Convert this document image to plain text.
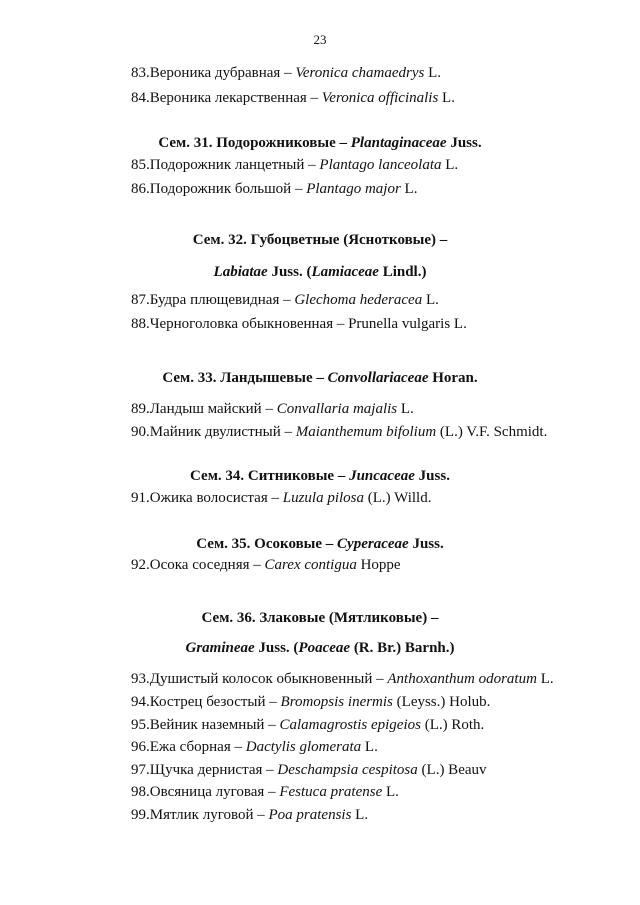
23
83.Вероника дубравная – Veronica chamaedrys L.
84.Вероника лекарственная – Veronica officinalis L.
Сем. 31. Подорожниковые – Plantaginaceae Juss.
85.Подорожник ланцетный – Plantago lanceolata L.
86.Подорожник большой – Plantago major L.
Сем. 32. Губоцветные (Яснотковые) –
Labiatae Juss. (Lamiaceae Lindl.)
87.Будра плющевидная – Glechoma hederacea L.
88.Черноголовка обыкновенная – Prunella vulgaris L.
Сем. 33. Ландышевые – Convollariaceae Horan.
89.Ландыш майский – Convallaria majalis L.
90.Майник двулистный – Maianthemum bifolium (L.) V.F. Schmidt.
Сем. 34. Ситниковые – Juncaceae Juss.
91.Ожика волосистая – Luzula pilosa (L.) Willd.
Сем. 35. Осоковые – Cyperaceae Juss.
92.Осока соседняя – Carex contigua Hoppe
Сем. 36. Злаковые (Мятликовые) –
Gramineae Juss. (Poaceae (R. Br.) Barnh.)
93.Душистый колосок обыкновенный – Anthoxanthum odoratum L.
94.Кострец безостый – Bromopsis inermis (Leyss.) Holub.
95.Вейник наземный – Calamagrostis epigeios (L.) Roth.
96.Ежа сборная – Dactylis glomerata L.
97.Щучка дернистая – Deschampsia cespitosa (L.) Beauv
98.Овсяница луговая – Festuca pratense L.
99.Мятлик луговой – Poa pratensis L.
